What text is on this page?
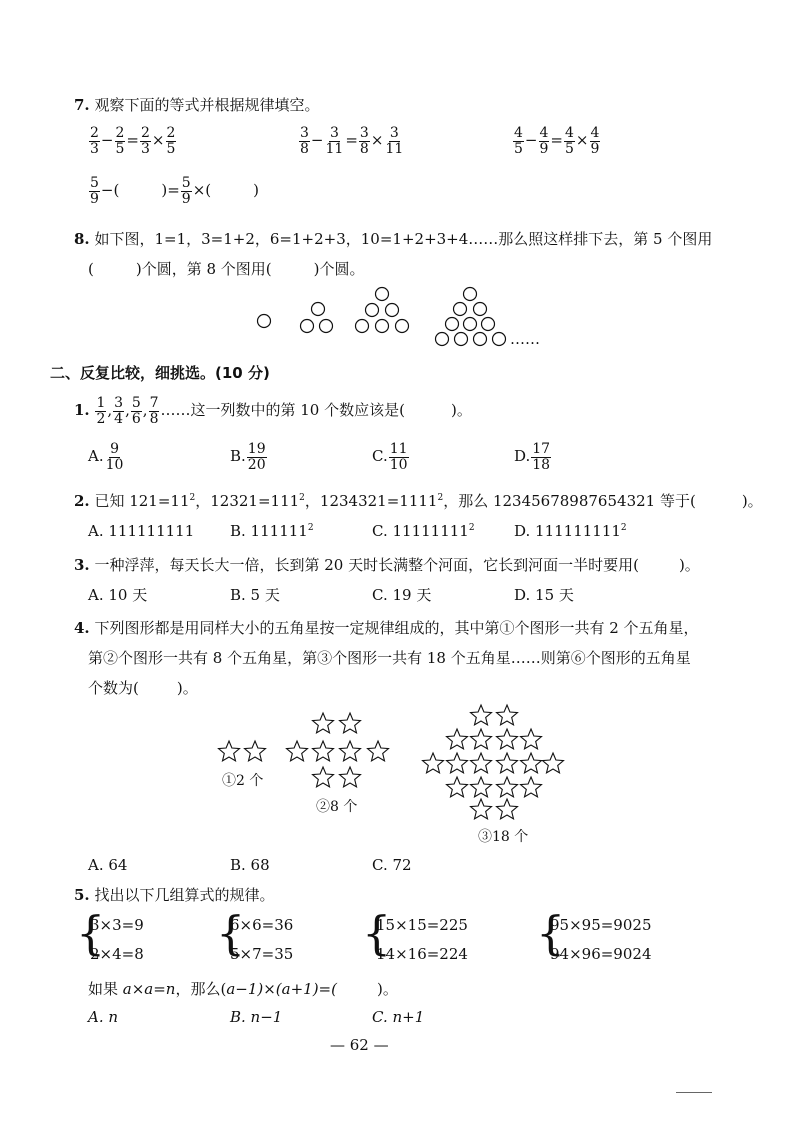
7. 观察下面的等式并根据规律填空。
$\frac{2}{3} - \frac{2}{5} = \frac{2}{3} \times \frac{2}{5}$	$\frac{3}{8} - \frac{3}{11} = \frac{3}{8} \times \frac{3}{11}$	$\frac{4}{5} - \frac{4}{9} = \frac{4}{5} \times \frac{4}{9}$
$\frac{5}{9}$ −(	)= $\frac{5}{9}$ ×(	)
8. 如下图，1=1，3=1+2，6=1+2+3，10=1+2+3+4……那么照这样排下去，第 5 个图用
(	)个圆，第 8 个图用(	)个圆。
……
二、反复比较，细挑选。(10 分)
1. $\frac{1}{2}$ , $\frac{3}{4}$ , $\frac{5}{6}$ , $\frac{7}{8}$ ……这一列数中的第 10 个数应该是(	)。
A. $\frac{9}{10}$	B. $\frac{19}{20}$	C. $\frac{11}{10}$	D. $\frac{17}{18}$
2. 已知 $121=11^2$，$12321=111^2$，$1234321=1111^2$，那么 12345678987654321 等于(	)。
A. 111111111 B. 111111$^2$	C. 11111111$^2$	D. 111111111$^2$
3. 一种浮萍，每天长大一倍，长到第 20 天时长满整个河面，它长到河面一半时要用(	)。
A. 10 天	B. 5 天	C. 19 天	D. 15 天
4. 下列图形都是用同样大小的五角星按一定规律组成的，其中第①个图形一共有 2 个五角星，
第②个图形一共有 8 个五角星，第③个图形一共有 18 个五角星……则第⑥个图形的五角星
个数为(	)。
①2 个
②8 个
③18 个
A. 64	B. 68	C. 72
5. 找出以下几组算式的规律。
{
3×3=9
2×4=8 {
6×6=36
5×7=35 {
15×15=225
14×16=224 {
95×95=9025
94×96=9024
如果 a×a=n，那么(a−1)×(a+1)=(	)。
A. n	B. n−1	C. n+1
— 62 —
